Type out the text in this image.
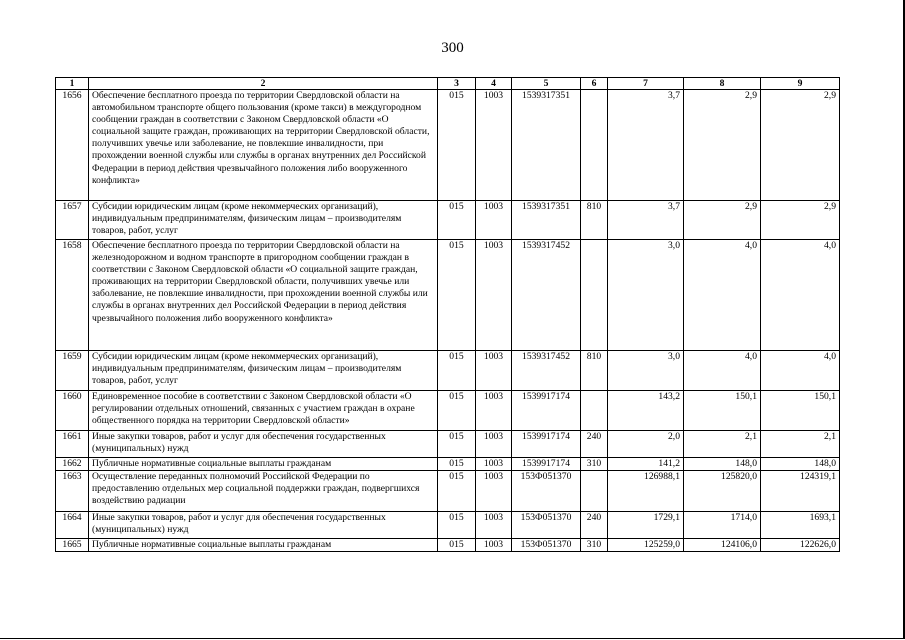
300
1	2	3	4	5	6	7	8	9
1656	Обеспечение бесплатного проезда по территории Свердловской области на автомобильном транспорте общего пользования (кроме такси) в междугородном сообщении граждан в соответствии с Законом Свердловской области «О социальной защите граждан, проживающих на территории Свердловской области, получивших увечье или заболевание, не повлекшие инвалидности, при прохождении военной службы или службы в органах внутренних дел Российской Федерации в период действия чрезвычайного положения либо вооруженного конфликта»	015	1003	1539317351		3,7	2,9	2,9
1657	Субсидии юридическим лицам (кроме некоммерческих организаций), индивидуальным предпринимателям, физическим лицам – производителям товаров, работ, услуг	015	1003	1539317351	810	3,7	2,9	2,9
1658	Обеспечение бесплатного проезда по территории Свердловской области на железнодорожном и водном транспорте в пригородном сообщении граждан в соответствии с Законом Свердловской области «О социальной защите граждан, проживающих на территории Свердловской области, получивших увечье или заболевание, не повлекшие инвалидности, при прохождении военной службы или службы в органах внутренних дел Российской Федерации в период действия чрезвычайного положения либо вооруженного конфликта»	015	1003	1539317452		3,0	4,0	4,0
1659	Субсидии юридическим лицам (кроме некоммерческих организаций), индивидуальным предпринимателям, физическим лицам – производителям товаров, работ, услуг	015	1003	1539317452	810	3,0	4,0	4,0
1660	Единовременное пособие в соответствии с Законом Свердловской области «О регулировании отдельных отношений, связанных с участием граждан в охране общественного порядка на территории Свердловской области»	015	1003	1539917174		143,2	150,1	150,1
1661	Иные закупки товаров, работ и услуг для обеспечения государственных (муниципальных) нужд	015	1003	1539917174	240	2,0	2,1	2,1
1662	Публичные нормативные социальные выплаты гражданам	015	1003	1539917174	310	141,2	148,0	148,0
1663	Осуществление переданных полномочий Российской Федерации по предоставлению отдельных мер социальной поддержки граждан, подвергшихся воздействию радиации	015	1003	153Ф051370		126988,1	125820,0	124319,1
1664	Иные закупки товаров, работ и услуг для обеспечения государственных (муниципальных) нужд	015	1003	153Ф051370	240	1729,1	1714,0	1693,1
1665	Публичные нормативные социальные выплаты гражданам	015	1003	153Ф051370	310	125259,0	124106,0	122626,0
